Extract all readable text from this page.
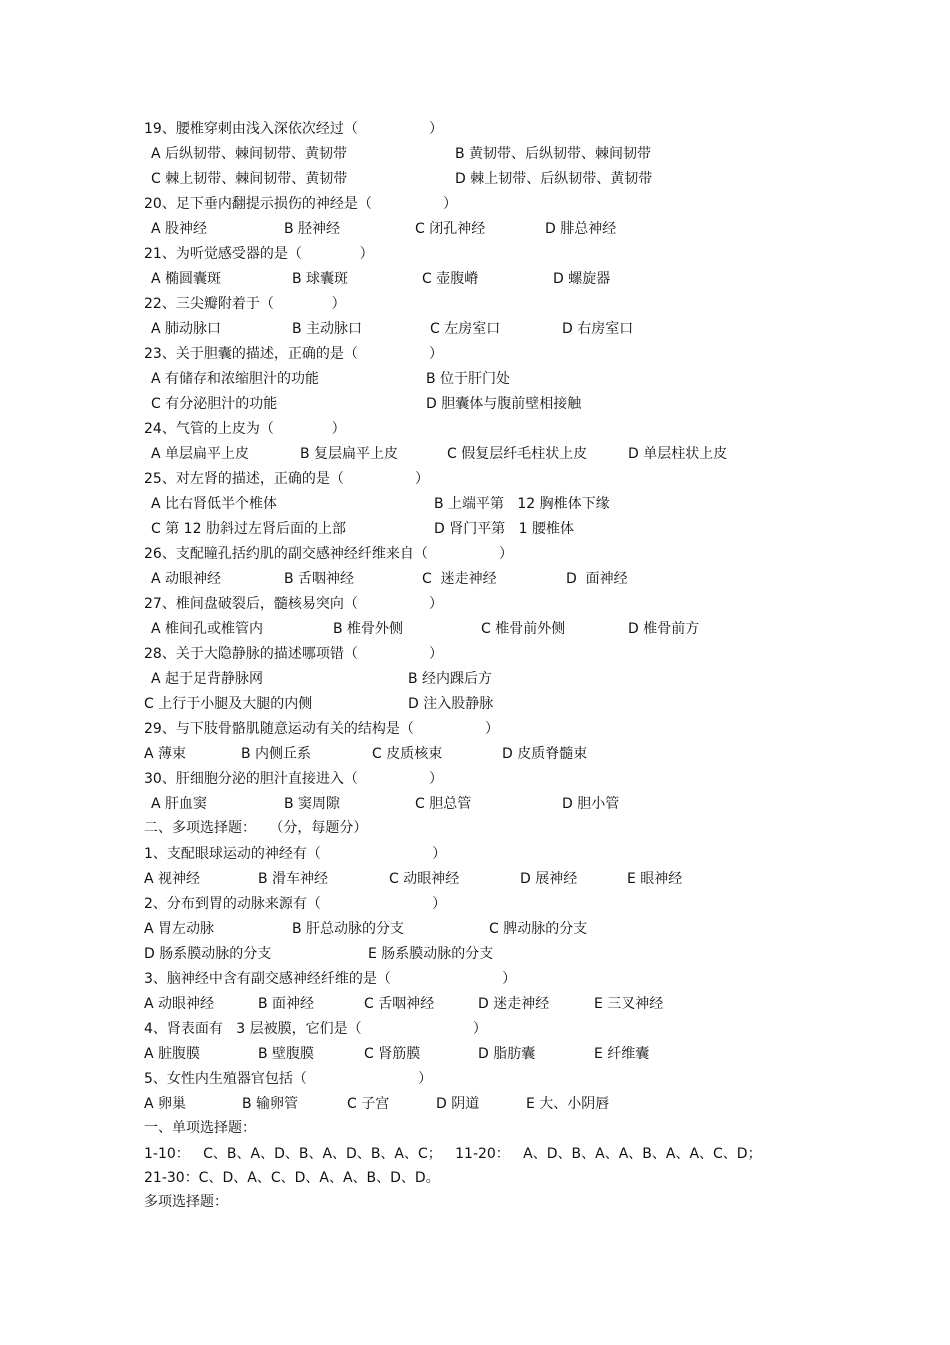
19、腰椎穿刺由浅入深依次经过（                ）
A 后纵韧带、棘间韧带、黄韧带	B 黄韧带、后纵韧带、棘间韧带
C 棘上韧带、棘间韧带、黄韧带	D 棘上韧带、后纵韧带、黄韧带
20、足下垂内翻提示损伤的神经是（                ）
A 股神经	B 胫神经	C 闭孔神经	D 腓总神经
21、为听觉感受器的是（             ）
A 椭圆囊斑	B 球囊斑	C 壶腹嵴	D 螺旋器
22、三尖瓣附着于（             ）
A 肺动脉口	B 主动脉口	C 左房室口	D 右房室口
23、关于胆囊的描述，正确的是（                ）
A 有储存和浓缩胆汁的功能	B 位于肝门处
C 有分泌胆汁的功能	D 胆囊体与腹前壁相接触
24、气管的上皮为（             ）
A 单层扁平上皮	B 复层扁平上皮	C 假复层纤毛柱状上皮	D 单层柱状上皮
25、对左肾的描述，正确的是（                ）
A 比右肾低半个椎体	B 上端平第   12 胸椎体下缘
C 第 12 肋斜过左肾后面的上部	D 肾门平第   1 腰椎体
26、支配瞳孔括约肌的副交感神经纤维来自（                ）
A 动眼神经	B 舌咽神经	C  迷走神经	D  面神经
27、椎间盘破裂后，髓核易突向（                ）
A 椎间孔或椎管内	B 椎骨外侧	C 椎骨前外侧	D 椎骨前方
28、关于大隐静脉的描述哪项错（                ）
A 起于足背静脉网	B 经内踝后方
C 上行于小腿及大腿的内侧	D 注入股静脉
29、与下肢骨骼肌随意运动有关的结构是（                ）
A 薄束	B 内侧丘系	C 皮质核束	D 皮质脊髓束
30、肝细胞分泌的胆汁直接进入（                ）
A 肝血窦	B 窦周隙	C 胆总管	D 胆小管
二、多项选择题：   （分，每题分）
1、支配眼球运动的神经有（                         ）
A 视神经	B 滑车神经	C 动眼神经	D 展神经	E 眼神经
2、分布到胃的动脉来源有（                         ）
A 胃左动脉	B 肝总动脉的分支	C 脾动脉的分支
D 肠系膜动脉的分支	E 肠系膜动脉的分支
3、脑神经中含有副交感神经纤维的是（                         ）
A 动眼神经	B 面神经	C 舌咽神经	D 迷走神经	E 三叉神经
4、肾表面有   3 层被膜，它们是（                         ）
A 脏腹膜	B 壁腹膜	C 肾筋膜	D 脂肪囊	E 纤维囊
5、女性内生殖器官包括（                         ）
A 卵巢	B 输卵管	C 子宫	D 阴道	E 大、小阴唇
一、单项选择题：
1-10：   C、B、A、D、B、A、D、B、A、C；   11-20：   A、D、B、A、A、B、A、A、C、D；
21-30：C、D、A、C、D、A、A、B、D、D。
多项选择题：
